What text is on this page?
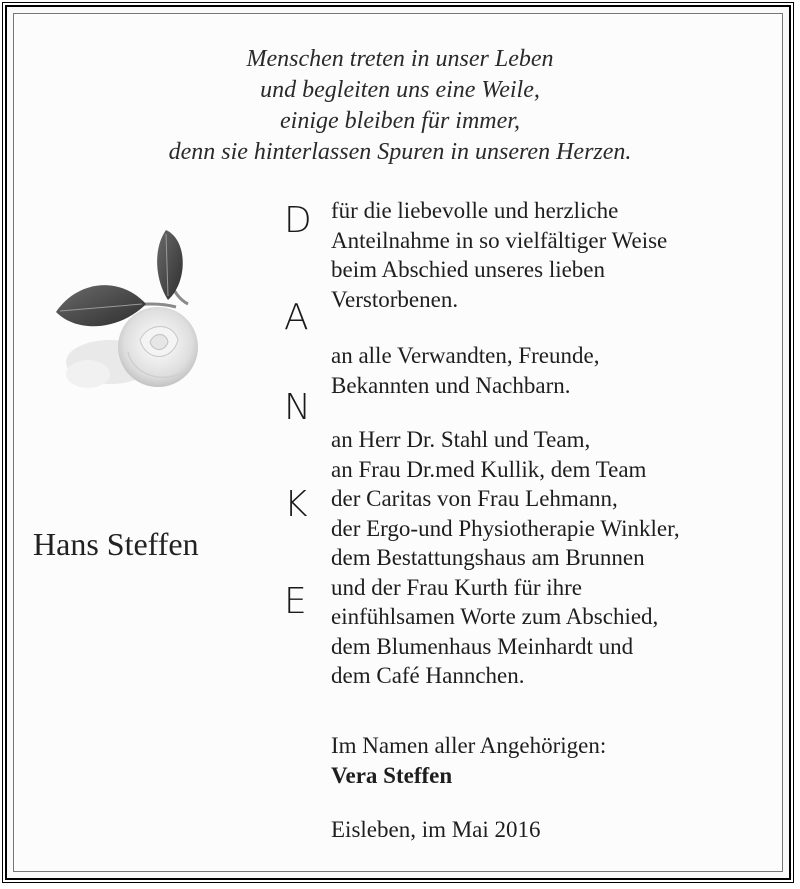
Menschen treten in unser Leben
und begleiten uns eine Weile,
einige bleiben für immer,
denn sie hinterlassen Spuren in unseren Herzen.
Hans Steffen
D
A
N
K
E
für die liebevolle und herzliche
Anteilnahme in so vielfältiger Weise
beim Abschied unseres lieben
Verstorbenen.
an alle Verwandten, Freunde,
Bekannten und Nachbarn.
an Herr Dr. Stahl und Team,
an Frau Dr.med Kullik, dem Team
der Caritas von Frau Lehmann,
der Ergo-und Physiotherapie Winkler,
dem Bestattungshaus am Brunnen
und der Frau Kurth für ihre
einfühlsamen Worte zum Abschied,
dem Blumenhaus Meinhardt und
dem Café Hannchen.
Im Namen aller Angehörigen:
Vera Steffen
Eisleben, im Mai 2016
